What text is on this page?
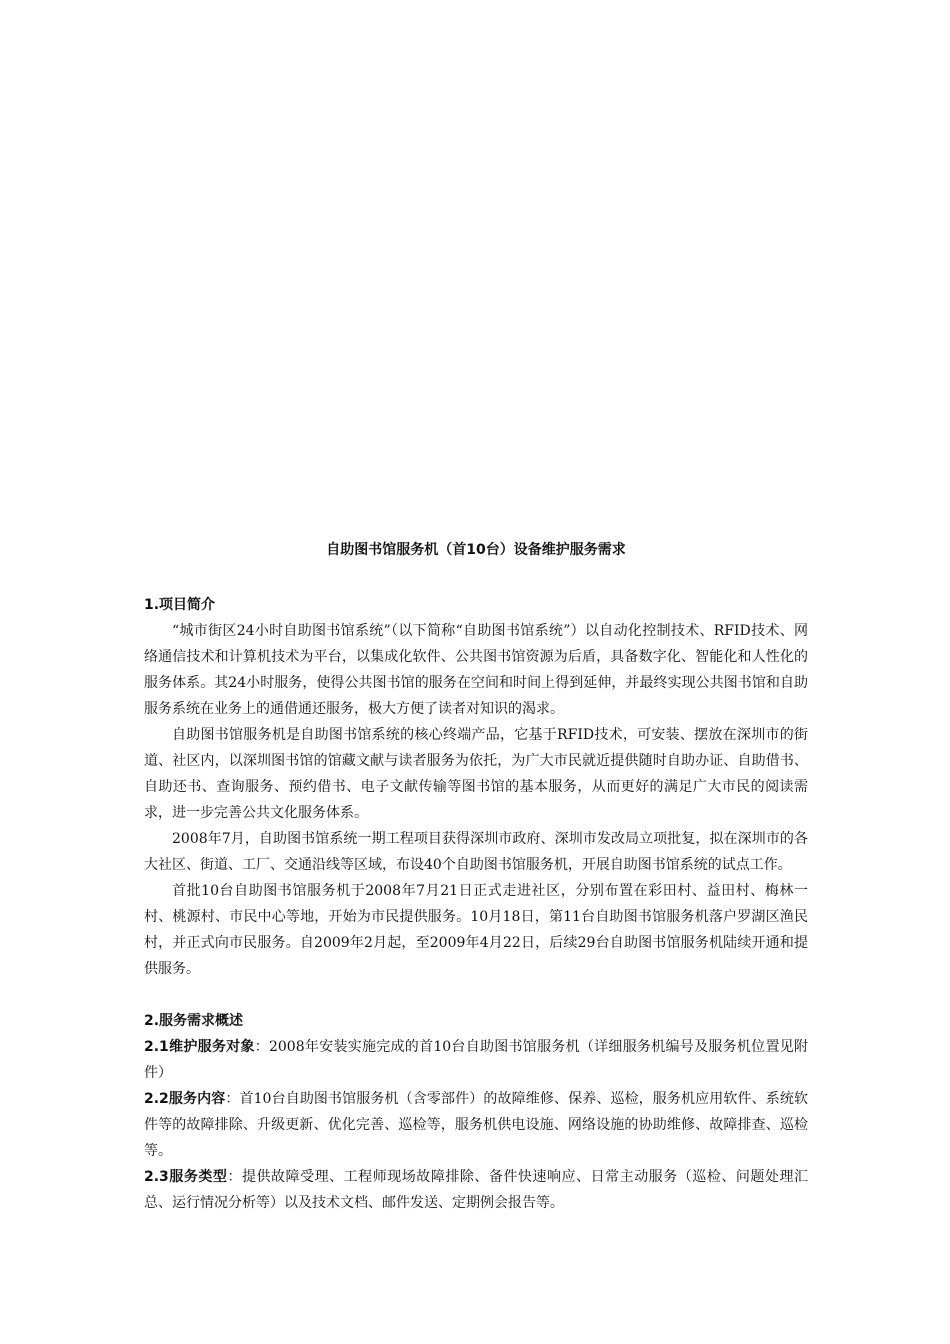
自助图书馆服务机（首10台）设备维护服务需求
1.项目简介

“城市街区24小时自助图书馆系统”（以下简称“自助图书馆系统”）以自动化控制技术、RFID技术、网络通信技术和计算机技术为平台，以集成化软件、公共图书馆资源为后盾，具备数字化、智能化和人性化的服务体系。其24小时服务，使得公共图书馆的服务在空间和时间上得到延伸，并最终实现公共图书馆和自助服务系统在业务上的通借通还服务，极大方便了读者对知识的渴求。

自助图书馆服务机是自助图书馆系统的核心终端产品，它基于RFID技术，可安装、摆放在深圳市的街道、社区内，以深圳图书馆的馆藏文献与读者服务为依托，为广大市民就近提供随时自助办证、自助借书、自助还书、查询服务、预约借书、电子文献传输等图书馆的基本服务，从而更好的满足广大市民的阅读需求，进一步完善公共文化服务体系。

2008年7月，自助图书馆系统一期工程项目获得深圳市政府、深圳市发改局立项批复，拟在深圳市的各大社区、街道、工厂、交通沿线等区域，布设40个自助图书馆服务机，开展自助图书馆系统的试点工作。

首批10台自助图书馆服务机于2008年7月21日正式走进社区，分别布置在彩田村、益田村、梅林一村、桃源村、市民中心等地，开始为市民提供服务。10月18日，第11台自助图书馆服务机落户罗湖区渔民村，并正式向市民服务。自2009年2月起，至2009年4月22日，后续29台自助图书馆服务机陆续开通和提供服务。

2.服务需求概述

2.1维护服务对象：2008年安装实施完成的首10台自助图书馆服务机（详细服务机编号及服务机位置见附件）

2.2服务内容：首10台自助图书馆服务机（含零部件）的故障维修、保养、巡检，服务机应用软件、系统软件等的故障排除、升级更新、优化完善、巡检等，服务机供电设施、网络设施的协助维修、故障排查、巡检等。

2.3服务类型：提供故障受理、工程师现场故障排除、备件快速响应、日常主动服务（巡检、问题处理汇总、运行情况分析等）以及技术文档、邮件发送、定期例会报告等。
